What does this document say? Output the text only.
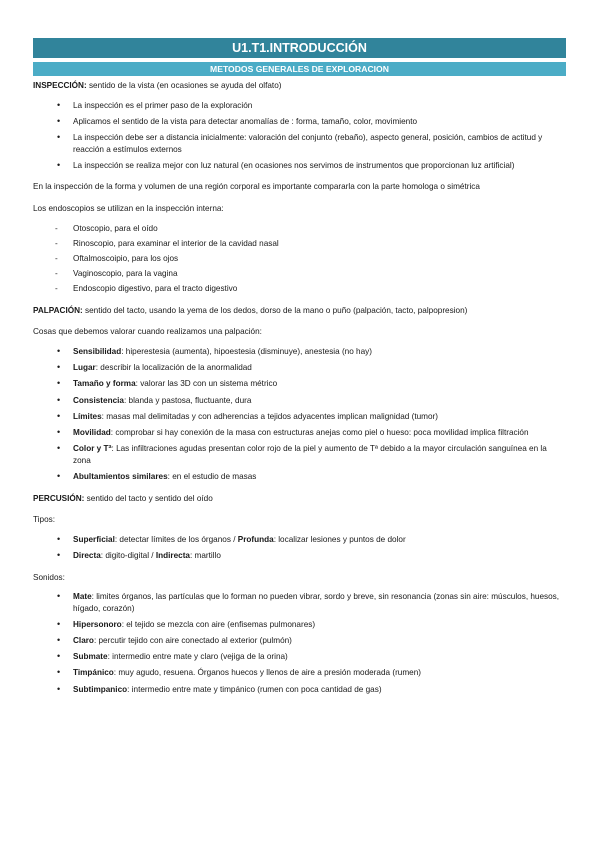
U1.T1.INTRODUCCIÓN
METODOS GENERALES DE EXPLORACION

INSPECCIÓN: sentido de la vista (en ocasiones se ayuda del olfato)

• La inspección es el primer paso de la exploración
• Aplicamos el sentido de la vista para detectar anomalías de : forma, tamaño, color, movimiento
• La inspección debe ser a distancia inicialmente: valoración del conjunto (rebaño), aspecto general, posición, cambios de actitud y reacción a estímulos externos
• La inspección se realiza mejor con luz natural (en ocasiones nos servimos de instrumentos que proporcionan luz artificial)

En la inspección de la forma y volumen de una región corporal es importante compararla con la parte homologa o simétrica

Los endoscopios se utilizan en la inspección interna:

- Otoscopio, para el oído
- Rinoscopio, para examinar el interior de la cavidad nasal
- Oftalmoscoipio, para los ojos
- Vaginoscopio, para la vagina
- Endoscopio digestivo, para el tracto digestivo

PALPACIÓN: sentido del tacto, usando la yema de los dedos, dorso de la mano o puño (palpación, tacto, palpopresion)

Cosas que debemos valorar cuando realizamos una palpación:

• Sensibilidad: hiperestesia (aumenta), hipoestesia (disminuye), anestesia (no hay)
• Lugar: describir la localización de la anormalidad
• Tamaño y forma: valorar las 3D con un sistema métrico
• Consistencia: blanda y pastosa, fluctuante, dura
• Límites: masas mal delimitadas y con adherencias a tejidos adyacentes implican malignidad (tumor)
• Movilidad: comprobar si hay conexión de la masa con estructuras anejas como piel o hueso: poca movilidad implica filtración
• Color y Tª: Las infiltraciones agudas presentan color rojo de la piel y aumento de Tª debido a la mayor circulación sanguínea en la zona
• Abultamientos similares: en el estudio de masas

PERCUSIÓN: sentido del tacto y sentido del oído

Tipos:

• Superficial: detectar límites de los órganos / Profunda: localizar lesiones y puntos de dolor
• Directa: digito-digital / Indirecta: martillo

Sonidos:

• Mate: limites órganos, las partículas que lo forman no pueden vibrar, sordo y breve, sin resonancia (zonas sin aire: músculos, huesos, hígado, corazón)
• Hipersonoro: el tejido se mezcla con aire (enfisemas pulmonares)
• Claro: percutir tejido con aire conectado al exterior (pulmón)
• Submate: intermedio entre mate y claro (vejiga de la orina)
• Timpánico: muy agudo, resuena. Órganos huecos y llenos de aire a presión moderada (rumen)
• Subtimpanico: intermedio entre mate y timpánico (rumen con poca cantidad de gas)
